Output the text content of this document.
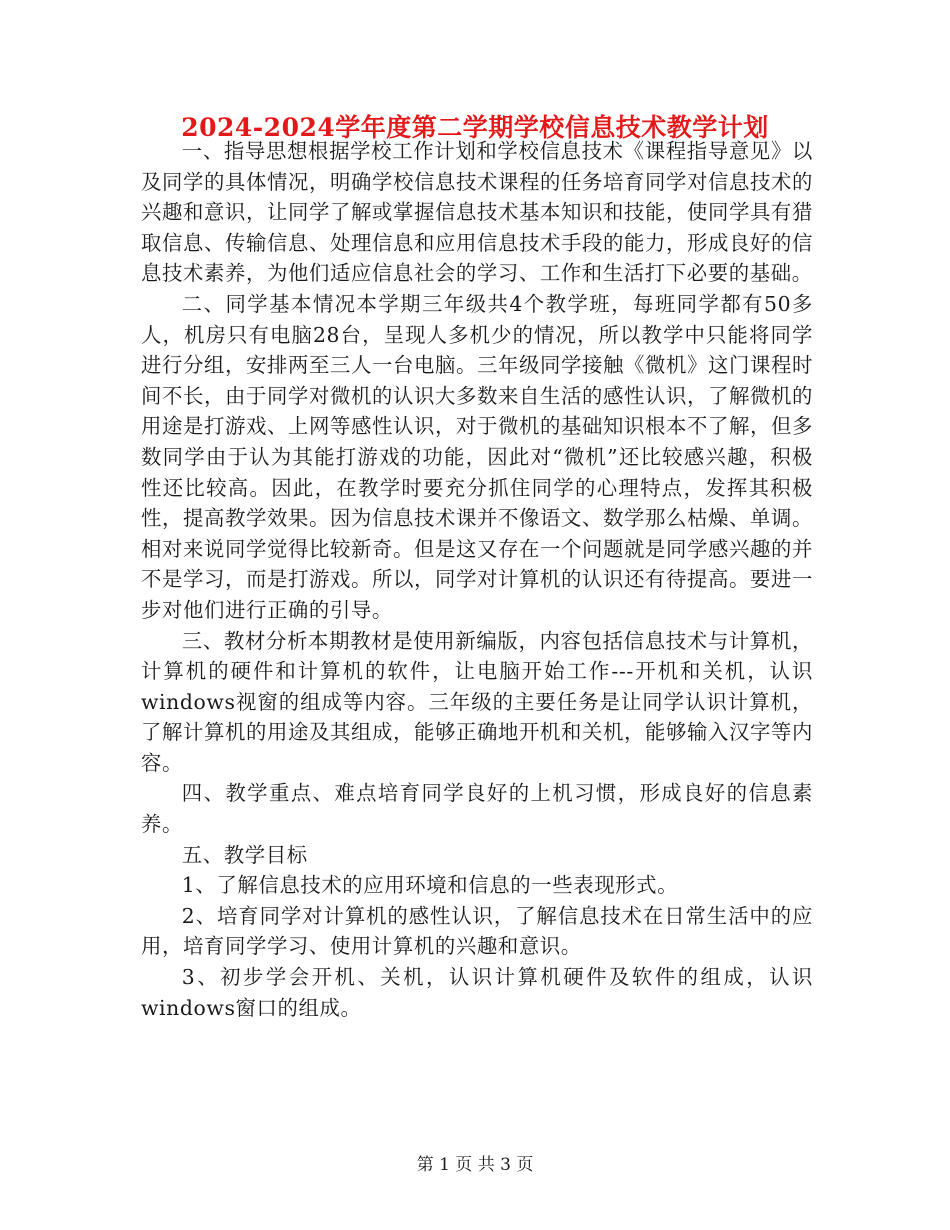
2024-2024学年度第二学期学校信息技术教学计划

一、指导思想根据学校工作计划和学校信息技术《课程指导意见》以及同学的具体情况，明确学校信息技术课程的任务培育同学对信息技术的兴趣和意识，让同学了解或掌握信息技术基本知识和技能，使同学具有猎取信息、传输信息、处理信息和应用信息技术手段的能力，形成良好的信息技术素养，为他们适应信息社会的学习、工作和生活打下必要的基础。

二、同学基本情况本学期三年级共4个教学班，每班同学都有50多人，机房只有电脑28台，呈现人多机少的情况，所以教学中只能将同学进行分组，安排两至三人一台电脑。三年级同学接触《微机》这门课程时间不长，由于同学对微机的认识大多数来自生活的感性认识，了解微机的用途是打游戏、上网等感性认识，对于微机的基础知识根本不了解，但多数同学由于认为其能打游戏的功能，因此对“微机”还比较感兴趣，积极性还比较高。因此，在教学时要充分抓住同学的心理特点，发挥其积极性，提高教学效果。因为信息技术课并不像语文、数学那么枯燥、单调。相对来说同学觉得比较新奇。但是这又存在一个问题就是同学感兴趣的并不是学习，而是打游戏。所以，同学对计算机的认识还有待提高。要进一步对他们进行正确的引导。

三、教材分析本期教材是使用新编版，内容包括信息技术与计算机，计算机的硬件和计算机的软件，让电脑开始工作---开机和关机，认识windows视窗的组成等内容。三年级的主要任务是让同学认识计算机，了解计算机的用途及其组成，能够正确地开机和关机，能够输入汉字等内容。

四、教学重点、难点培育同学良好的上机习惯，形成良好的信息素养。

五、教学目标

1、了解信息技术的应用环境和信息的一些表现形式。

2、培育同学对计算机的感性认识，了解信息技术在日常生活中的应用，培育同学学习、使用计算机的兴趣和意识。

3、初步学会开机、关机，认识计算机硬件及软件的组成，认识windows窗口的组成。

第 1 页 共 3 页
